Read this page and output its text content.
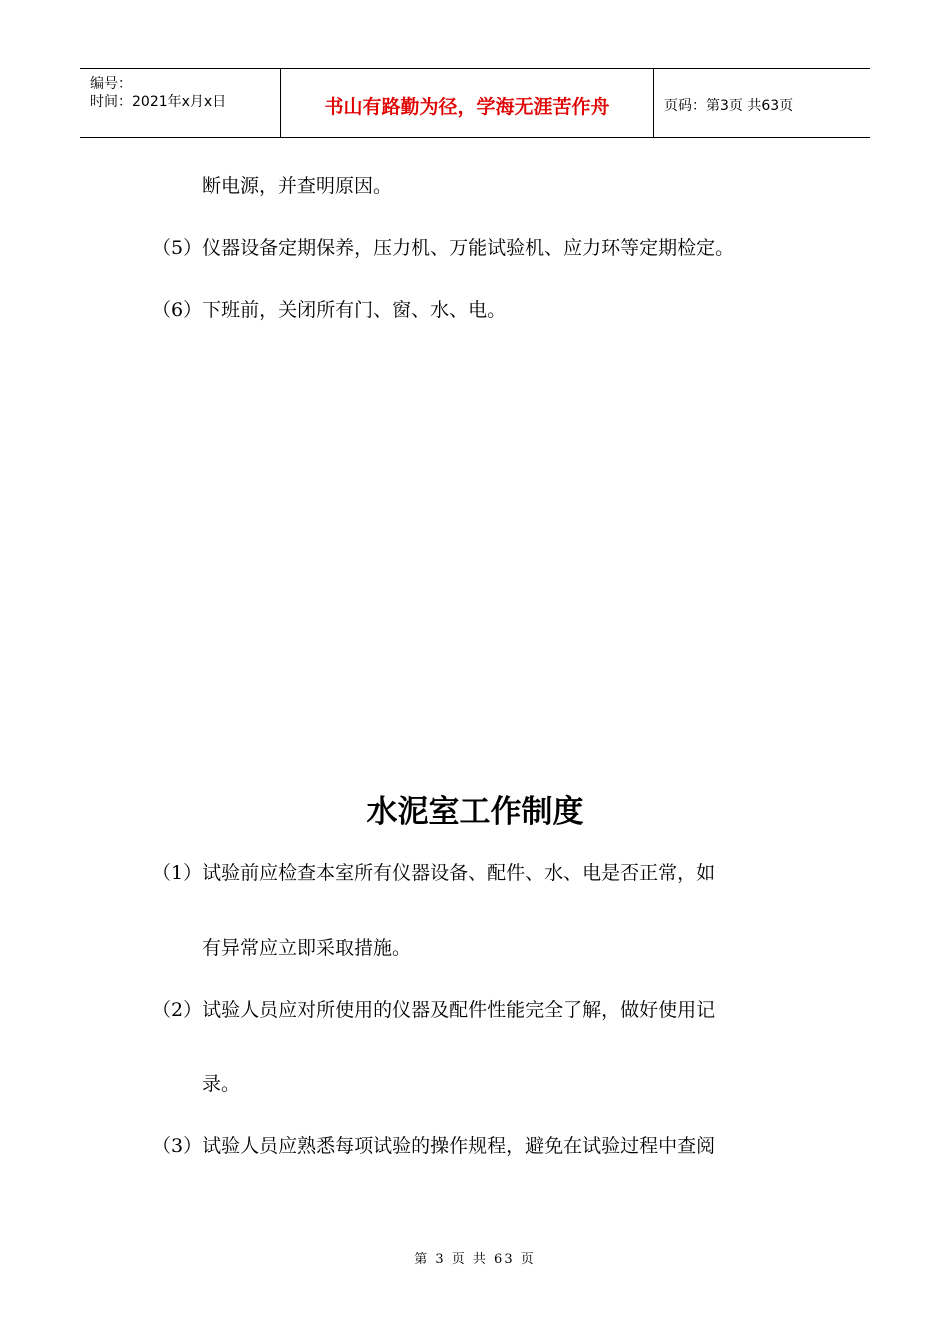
编号：
时间：2021年x月x日	书山有路勤为径，学海无涯苦作舟	页码：第3页 共63页
断电源，并查明原因。
（5）仪器设备定期保养，压力机、万能试验机、应力环等定期检定。
（6）下班前，关闭所有门、窗、水、电。
水泥室工作制度
（1）试验前应检查本室所有仪器设备、配件、水、电是否正常，如
有异常应立即采取措施。
（2）试验人员应对所使用的仪器及配件性能完全了解，做好使用记
录。
（3）试验人员应熟悉每项试验的操作规程，避免在试验过程中查阅
第 3 页 共 63 页
